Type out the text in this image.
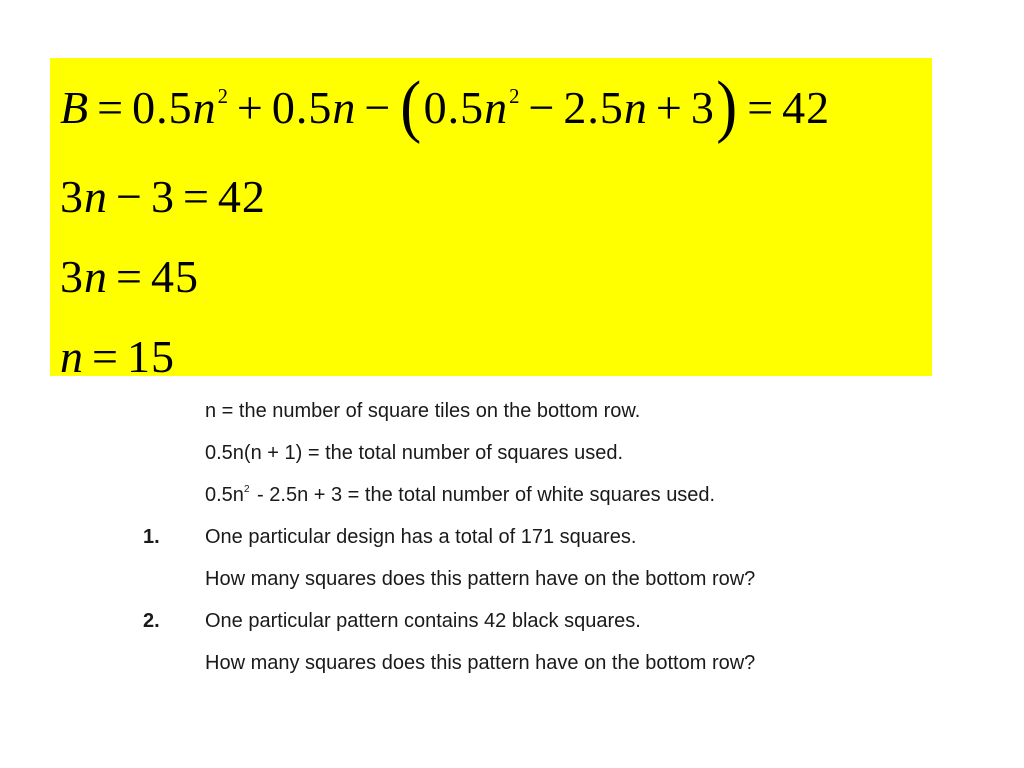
$B = 0.5n^2 + 0.5n - (0.5n^2 - 2.5n + 3) = 42$
3n − 3 = 42
3n = 45
n = 15
n = the number of square tiles on the bottom row.
0.5n(n + 1) = the total number of squares used.
$0.5n^2 - 2.5n + 3$ = the total number of white squares used.
1. One particular design has a total of 171 squares.
How many squares does this pattern have on the bottom row?
2. One particular pattern contains 42 black squares.
How many squares does this pattern have on the bottom row?
